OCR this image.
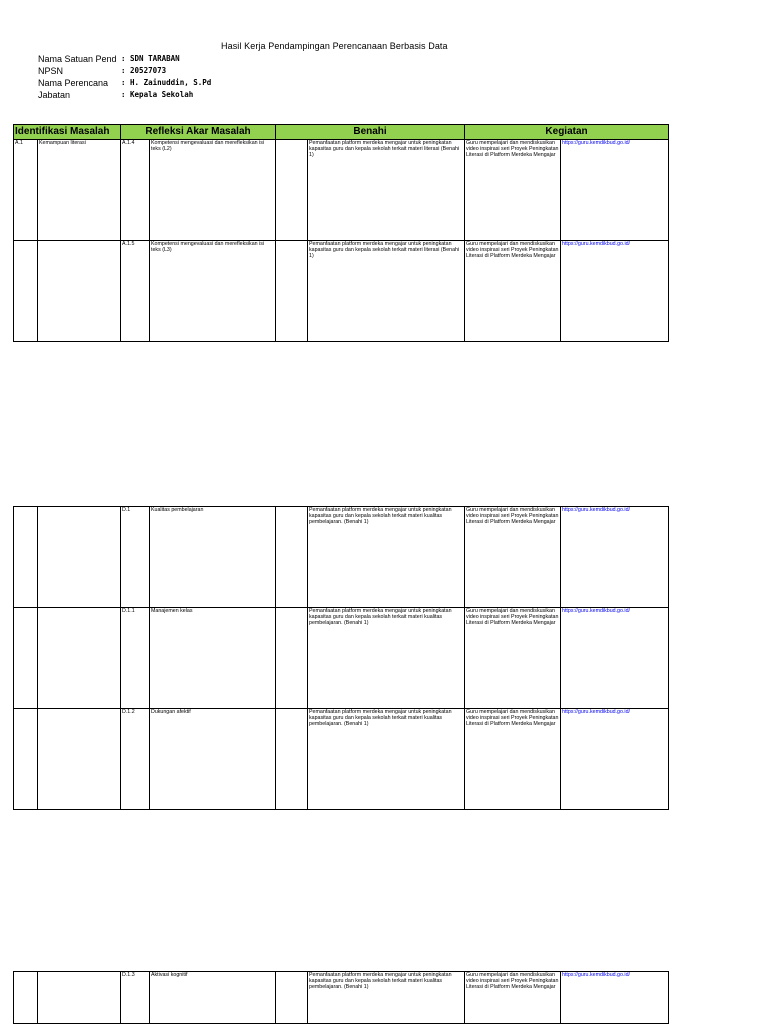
Hasil Kerja Pendampingan Perencanaan Berbasis Data
Nama Satuan Pend : SDN TARABAN
NPSN	: 20527073
Nama Perencana	: H. Zainuddin, S.Pd
Jabatan	: Kepala Sekolah
Identifikasi Masalah		Refleksi Akar Masalah		Benahi		Kegiatan	
A.1	Kemampuan literasi	A.1.4	Kompetensi mengevaluasi dan merefleksikan isi teks (L2)		Pemanfaatan platform merdeka mengajar untuk peningkatan kapasitas guru dan kepala sekolah terkait materi literasi (Benahi 1)	Guru mempelajari dan mendiskusikan video inspirasi seri Proyek Peningkatan Literasi di Platform Merdeka Mengajar	https://guru.kemdikbud.go.id/
		A.1.5	Kompetensi mengevaluasi dan merefleksikan isi teks (L3)		Pemanfaatan platform merdeka mengajar untuk peningkatan kapasitas guru dan kepala sekolah terkait materi literasi (Benahi 1)	Guru mempelajari dan mendiskusikan video inspirasi seri Proyek Peningkatan Literasi di Platform Merdeka Mengajar	https://guru.kemdikbud.go.id/
		D.1	Kualitas pembelajaran		Pemanfaatan platform merdeka mengajar untuk peningkatan kapasitas guru dan kepala sekolah terkait materi kualitas pembelajaran. (Benahi 1)	Guru mempelajari dan mendiskusikan video inspirasi seri Proyek Peningkatan Literasi di Platform Merdeka Mengajar	https://guru.kemdikbud.go.id/
		D.1.1	Manajemen kelas		Pemanfaatan platform merdeka mengajar untuk peningkatan kapasitas guru dan kepala sekolah terkait materi kualitas pembelajaran. (Benahi 1)	Guru mempelajari dan mendiskusikan video inspirasi seri Proyek Peningkatan Literasi di Platform Merdeka Mengajar	https://guru.kemdikbud.go.id/
		D.1.2	Dukungan afektif		Pemanfaatan platform merdeka mengajar untuk peningkatan kapasitas guru dan kepala sekolah terkait materi kualitas pembelajaran. (Benahi 1)	Guru mempelajari dan mendiskusikan video inspirasi seri Proyek Peningkatan Literasi di Platform Merdeka Mengajar	https://guru.kemdikbud.go.id/
		D.1.3	Aktivasi kognitif		Pemanfaatan platform merdeka mengajar untuk peningkatan kapasitas guru dan kepala sekolah terkait materi kualitas pembelajaran. (Benahi 1)	Guru mempelajari dan mendiskusikan video inspirasi seri Proyek Peningkatan Literasi di Platform Merdeka Mengajar	https://guru.kemdikbud.go.id/
